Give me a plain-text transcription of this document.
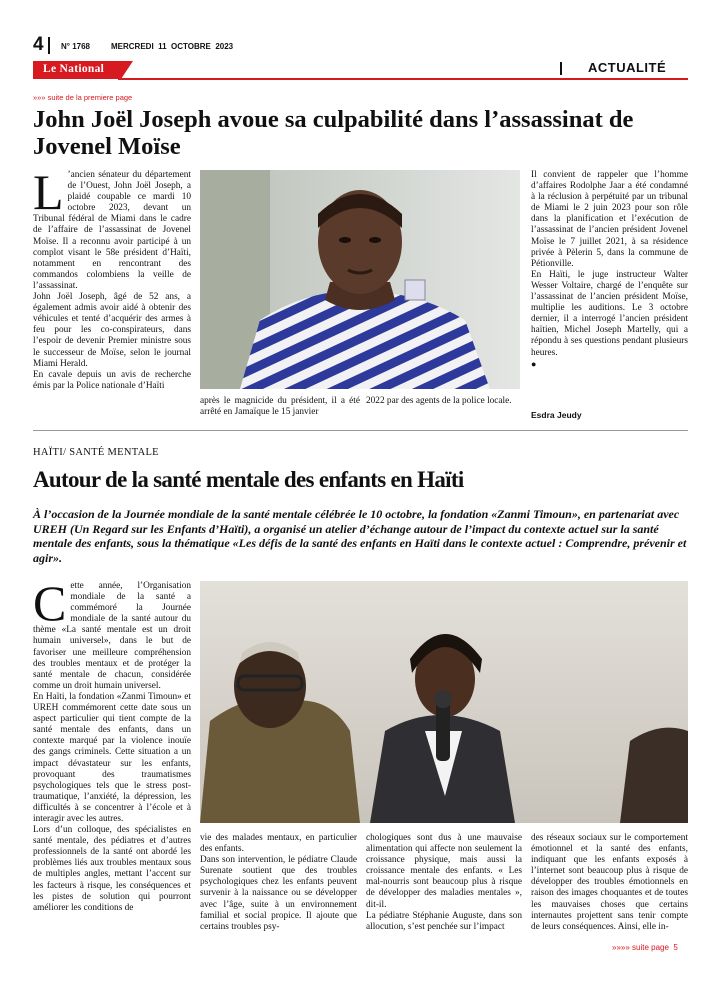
4 N° 1768	MERCREDI  11  OCTOBRE  2023
Le National	ACTUALITÉ
»»» suite de la premiere page
John Joël Joseph avoue sa culpabilité dans l’assassinat de Jovenel Moïse
L ’ancien sénateur du département de l’Ouest, John Joël Joseph, a plaidé coupable ce mardi 10 octobre 2023, devant un Tribunal fédéral de Miami dans le cadre de l’affaire de l’assassinat de Jovenel Moïse. Il a reconnu avoir participé à un complot visant le 58e président d’Haïti, notamment en rencontrant des commandos colombiens la veille de l’assassinat.

John Joël Joseph, âgé de 52 ans, a également admis avoir aidé à obtenir des véhicules et tenté d’acquérir des armes à feu pour les co-conspirateurs, dans l’espoir de devenir Premier ministre sous le successeur de Moïse, selon le journal Miami Herald.

En cavale depuis un avis de recherche émis par la Police nationale d’Haïti

après le magnicide du président, il a été arrêté en Jamaïque le 15 janvier

2022 par des agents de la police locale.

Il convient de rappeler que l’homme d’affaires Rodolphe Jaar a été condamné à la réclusion à perpétuité par un tribunal de Miami le 2 juin 2023 pour son rôle dans la planification et l’exécution de l’assassinat de l’ancien président Jovenel Moïse le 7 juillet 2021, à sa résidence privée à Pèlerin 5, dans la commune de Pétionville.

En Haïti, le juge instructeur Walter Wesser Voltaire, chargé de l’enquête sur l’assassinat de l’ancien président Moïse, multiplie les auditions. Le 3 octobre dernier, il a interrogé l’ancien président haïtien, Michel Joseph Martelly, qui a répondu à ses questions pendant plusieurs heures.

●
Esdra Jeudy
HAÏTI/ SANTÉ MENTALE
Autour de la santé mentale des enfants en Haïti
À l’occasion de la Journée mondiale de la santé mentale célébrée le 10 octobre, la fondation «Zanmi Timoun», en partenariat avec UREH (Un Regard sur les Enfants d’Haïti), a organisé un atelier d’échange autour de l’impact du contexte actuel sur la santé mentale des enfants, sous la thématique «Les défis de la santé des enfants en Haïti dans le contexte actuel : Comprendre, prévenir et agir».
C ette année, l’Organisation mondiale de la santé a commémoré la Journée mondiale de la santé autour du thème «La santé mentale est un droit humain universel», dans le but de favoriser une meilleure compréhension des troubles mentaux et de protéger la santé mentale de chacun, considérée comme un droit humain universel.

En Haïti, la fondation «Zanmi Timoun» et UREH commémorent cette date sous un aspect particulier qui tient compte de la santé mentale des enfants, dans un contexte marqué par la violence inouïe des gangs criminels. Cette situation a un impact dévastateur sur les enfants, provoquant des traumatismes psychologiques tels que le stress post-traumatique, l’anxiété, la dépression, les difficultés à se concentrer à l’école et à interagir avec les autres.

Lors d’un colloque, des spécialistes en santé mentale, des pédiatres et d’autres professionnels de la santé ont abordé les problèmes liés aux troubles mentaux sous de multiples angles, mettant l’accent sur les facteurs à risque, les conséquences et les pistes de solution qui pourront améliorer les conditions de

vie des malades mentaux, en particulier des enfants.

Dans son intervention, le pédiatre Claude Surenate soutient que des troubles psychologiques chez les enfants peuvent survenir à la naissance ou se développer avec l’âge, suite à un environnement familial et social propice. Il ajoute que certains troubles psy-

chologiques sont dus à une mauvaise alimentation qui affecte non seulement la croissance physique, mais aussi la croissance mentale des enfants. « Les mal-nourris sont beaucoup plus à risque de développer des maladies mentales », dit-il.

La pédiatre Stéphanie Auguste, dans son allocution, s’est penchée sur l’impact

des réseaux sociaux sur le comportement émotionnel et la santé des enfants, indiquant que les enfants exposés à l’internet sont beaucoup plus à risque de développer des troubles émotionnels en raison des images choquantes et de toutes les mauvaises choses que certains internautes projettent sans tenir compte de leurs conséquences. Ainsi, elle in-

»»»» suite page  5
